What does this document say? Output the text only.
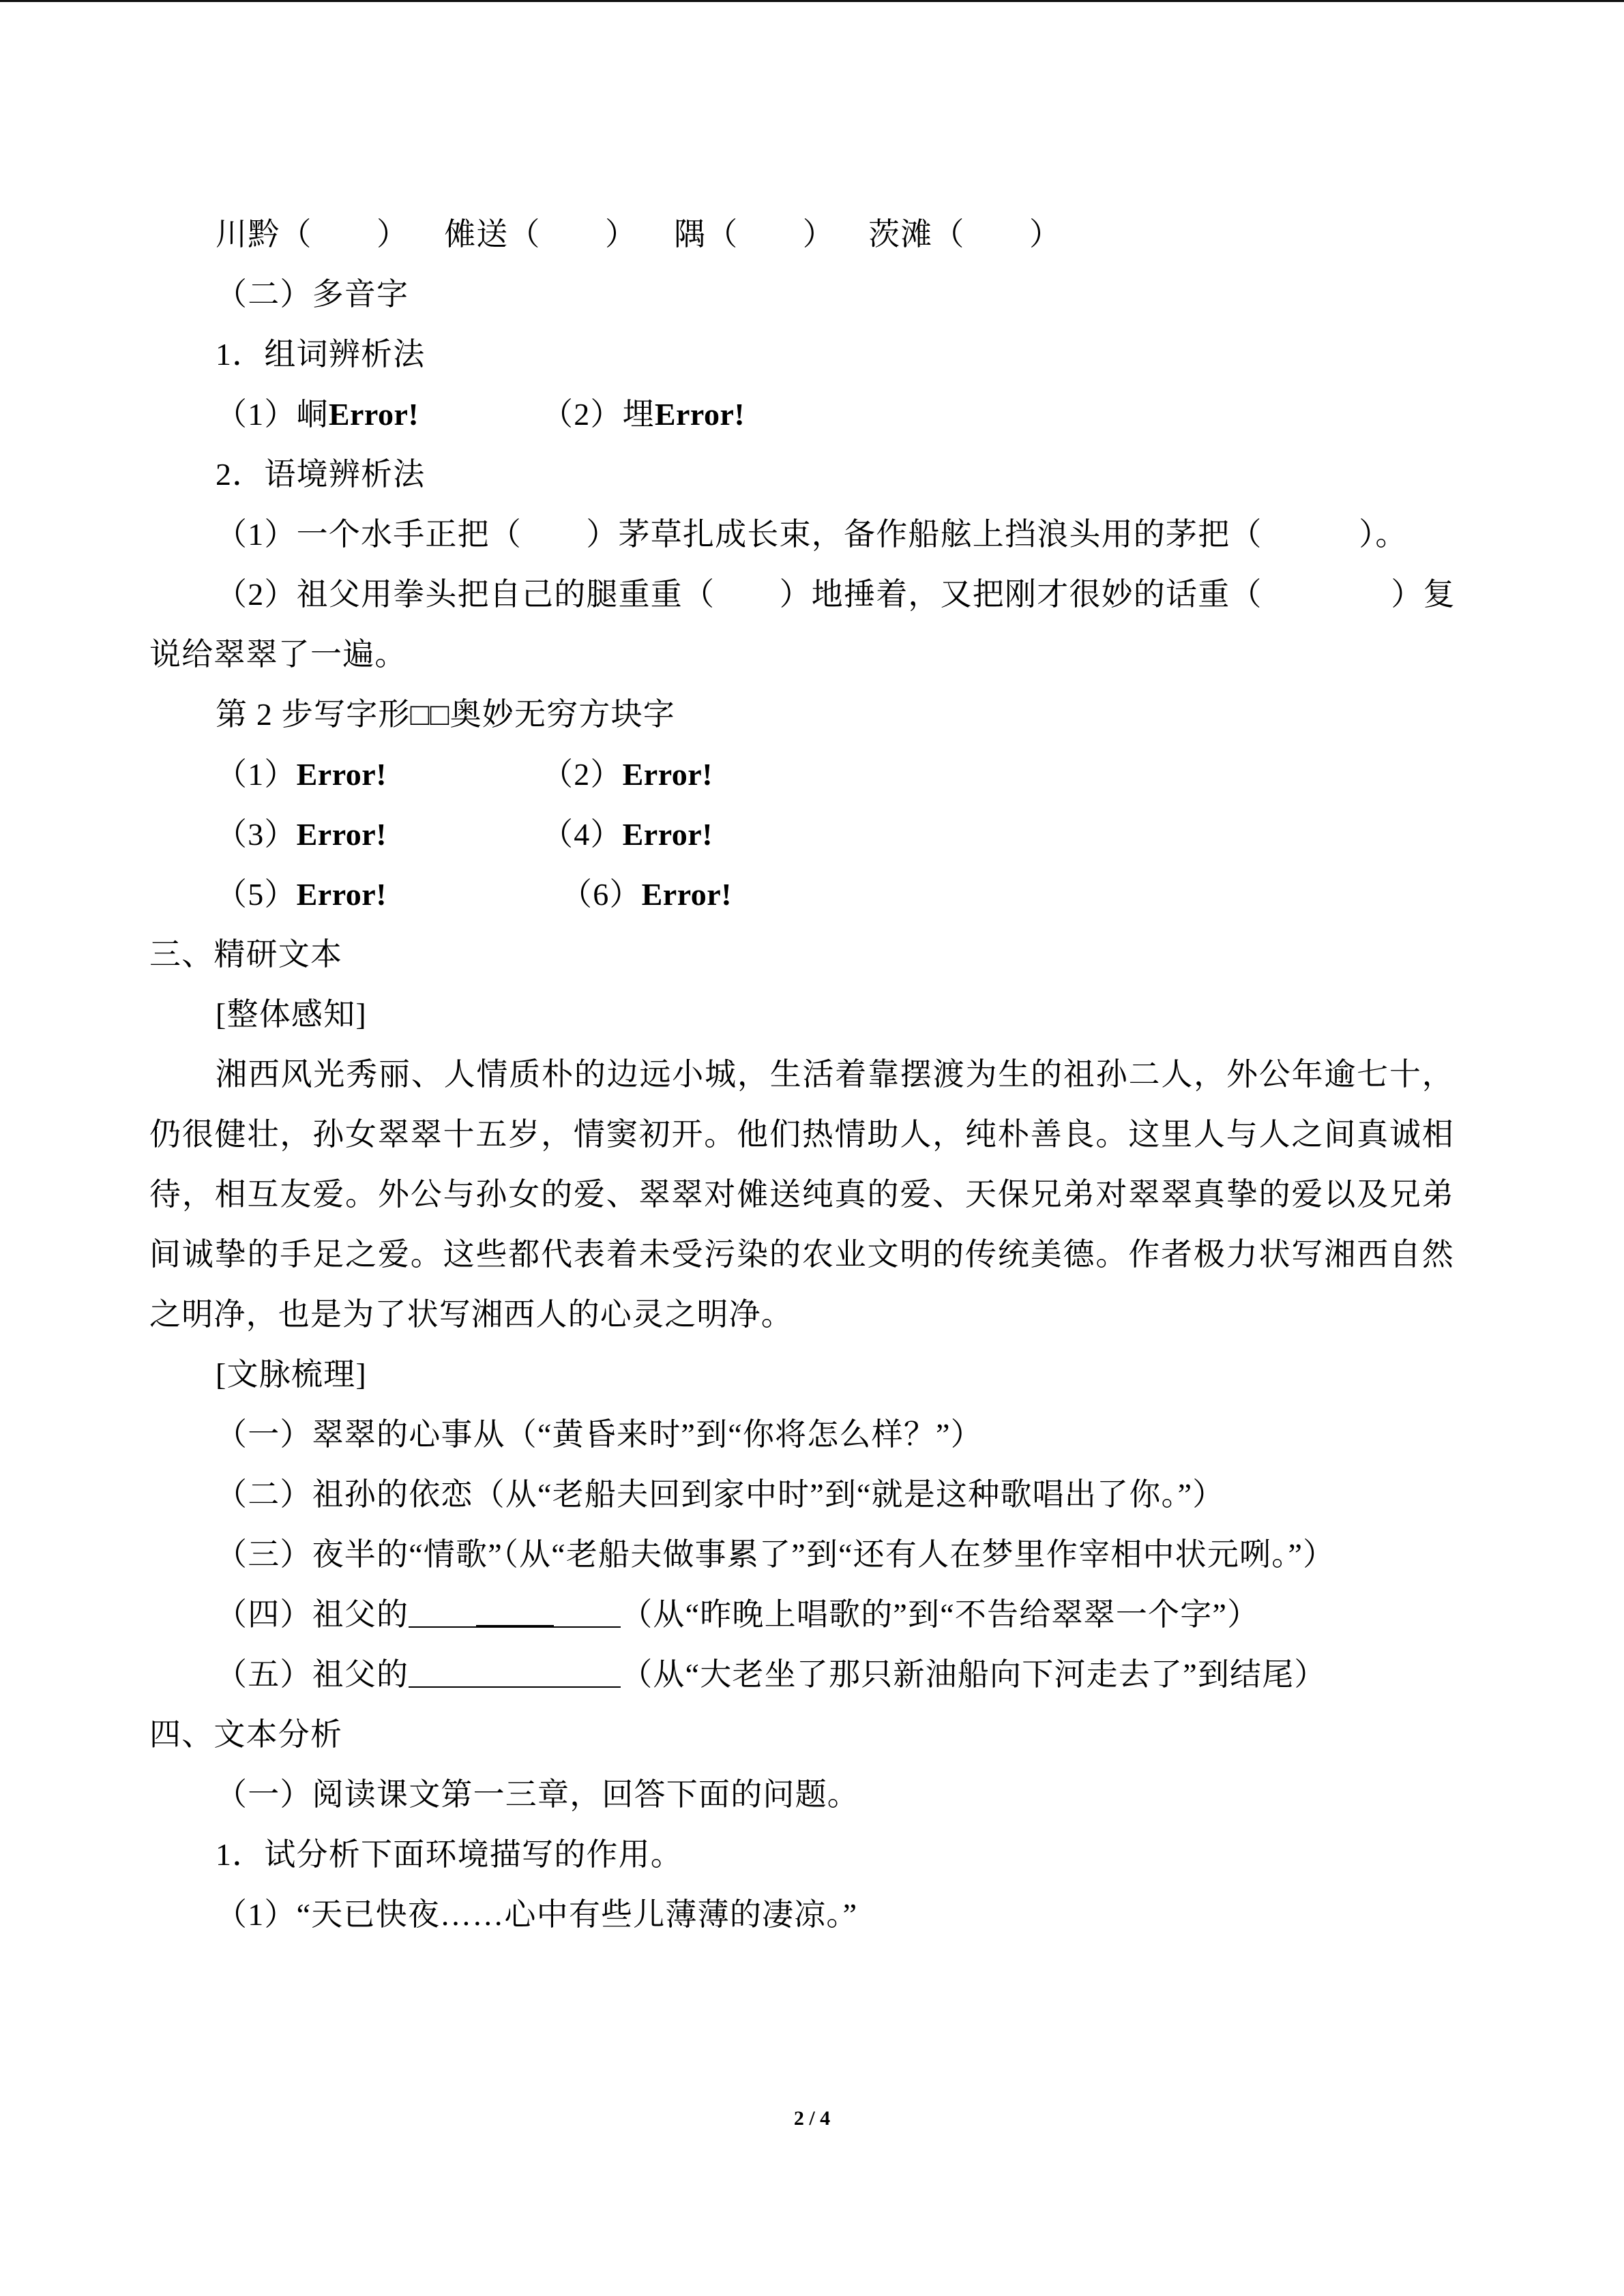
川黔（　　） 傩送（　　） 隅（　　） 茨滩（　　）
（二）多音字
1．组词辨析法
（1）峒Error!	（2）埋Error!
2．语境辨析法
（1）一个水手正把（　　）茅草扎成长束，备作船舷上挡浪头用的茅把（　　　）。
（2）祖父用拳头把自己的腿重重（　　）地捶着，又把刚才很妙的话重（　　　　）复
说给翠翠了一遍。
第 2 步写字形□□奥妙无穷方块字
（1）Error!	（2）Error!
（3）Error!	（4）Error!
（5）Error!	（6）Error!
三、精研文本
[整体感知]
湘西风光秀丽、人情质朴的边远小城，生活着靠摆渡为生的祖孙二人，外公年逾七十，
仍很健壮，孙女翠翠十五岁，情窦初开。他们热情助人，纯朴善良。这里人与人之间真诚相
待，相互友爱。外公与孙女的爱、翠翠对傩送纯真的爱、天保兄弟对翠翠真挚的爱以及兄弟
间诚挚的手足之爱。这些都代表着未受污染的农业文明的传统美德。作者极力状写湘西自然
之明净，也是为了状写湘西人的心灵之明净。
[文脉梳理]
（一）翠翠的心事从（“黄昏来时”到“你将怎么样？”）
（二）祖孙的依恋（从“老船夫回到家中时”到“就是这种歌唱出了你。”）
（三）夜半的“情歌”（从“老船夫做事累了”到“还有人在梦里作宰相中状元咧。”）
（四）祖父的	（从“昨晚上唱歌的”到“不告给翠翠一个字”）
（五）祖父的	（从“大老坐了那只新油船向下河走去了”到结尾）
四、文本分析
（一）阅读课文第一三章，回答下面的问题。
1．试分析下面环境描写的作用。
（1）“天已快夜……心中有些儿薄薄的凄凉。”
2 / 4
